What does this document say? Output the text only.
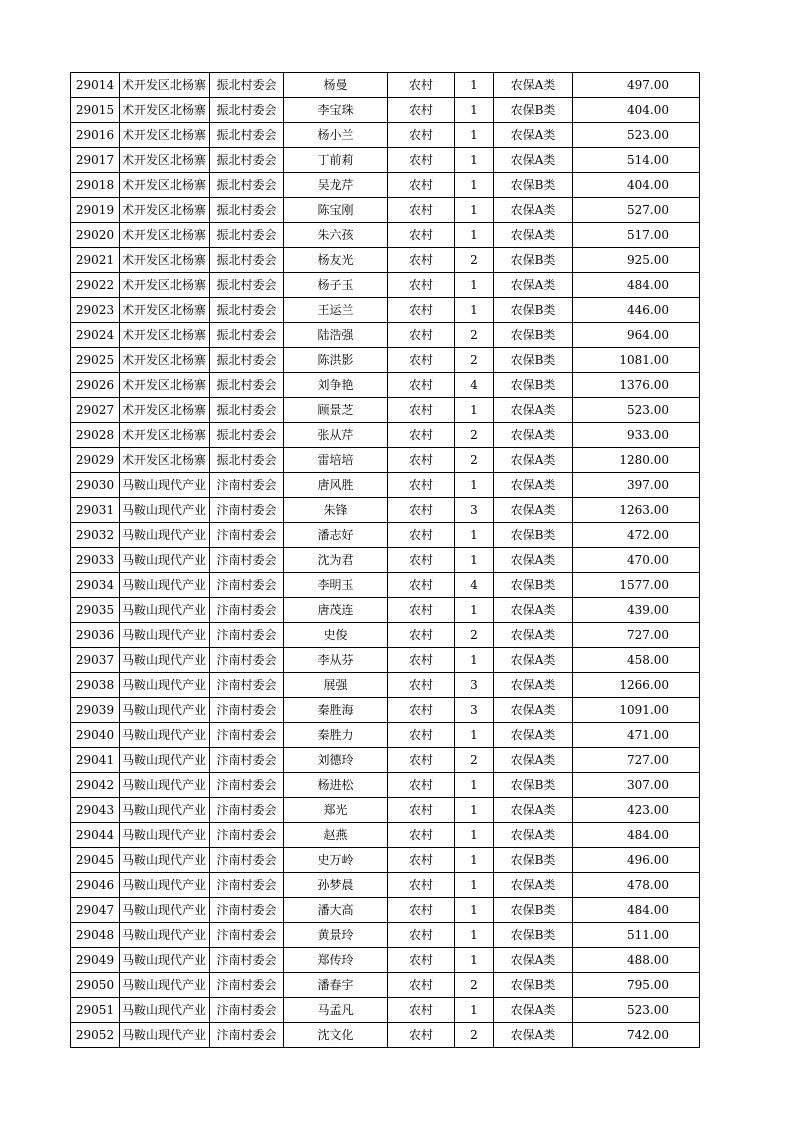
29014	术开发区北杨寨	振北村委会	杨曼	农村	1	农保A类	497.00
29015	术开发区北杨寨	振北村委会	李宝珠	农村	1	农保B类	404.00
29016	术开发区北杨寨	振北村委会	杨小兰	农村	1	农保A类	523.00
29017	术开发区北杨寨	振北村委会	丁前莉	农村	1	农保A类	514.00
29018	术开发区北杨寨	振北村委会	吴龙芹	农村	1	农保B类	404.00
29019	术开发区北杨寨	振北村委会	陈宝刚	农村	1	农保A类	527.00
29020	术开发区北杨寨	振北村委会	朱六孩	农村	1	农保A类	517.00
29021	术开发区北杨寨	振北村委会	杨友光	农村	2	农保B类	925.00
29022	术开发区北杨寨	振北村委会	杨子玉	农村	1	农保A类	484.00
29023	术开发区北杨寨	振北村委会	王运兰	农村	1	农保B类	446.00
29024	术开发区北杨寨	振北村委会	陆浩强	农村	2	农保B类	964.00
29025	术开发区北杨寨	振北村委会	陈洪影	农村	2	农保B类	1081.00
29026	术开发区北杨寨	振北村委会	刘争艳	农村	4	农保B类	1376.00
29027	术开发区北杨寨	振北村委会	顾景芝	农村	1	农保A类	523.00
29028	术开发区北杨寨	振北村委会	张从芹	农村	2	农保A类	933.00
29029	术开发区北杨寨	振北村委会	雷培培	农村	2	农保A类	1280.00
29030	马鞍山现代产业	汴南村委会	唐风胜	农村	1	农保A类	397.00
29031	马鞍山现代产业	汴南村委会	朱锋	农村	3	农保A类	1263.00
29032	马鞍山现代产业	汴南村委会	潘志好	农村	1	农保B类	472.00
29033	马鞍山现代产业	汴南村委会	沈为君	农村	1	农保A类	470.00
29034	马鞍山现代产业	汴南村委会	李明玉	农村	4	农保B类	1577.00
29035	马鞍山现代产业	汴南村委会	唐茂连	农村	1	农保A类	439.00
29036	马鞍山现代产业	汴南村委会	史俊	农村	2	农保A类	727.00
29037	马鞍山现代产业	汴南村委会	李从芬	农村	1	农保A类	458.00
29038	马鞍山现代产业	汴南村委会	展强	农村	3	农保A类	1266.00
29039	马鞍山现代产业	汴南村委会	秦胜海	农村	3	农保A类	1091.00
29040	马鞍山现代产业	汴南村委会	秦胜力	农村	1	农保A类	471.00
29041	马鞍山现代产业	汴南村委会	刘德玲	农村	2	农保A类	727.00
29042	马鞍山现代产业	汴南村委会	杨进松	农村	1	农保B类	307.00
29043	马鞍山现代产业	汴南村委会	郑光	农村	1	农保A类	423.00
29044	马鞍山现代产业	汴南村委会	赵燕	农村	1	农保A类	484.00
29045	马鞍山现代产业	汴南村委会	史万岭	农村	1	农保B类	496.00
29046	马鞍山现代产业	汴南村委会	孙梦晨	农村	1	农保A类	478.00
29047	马鞍山现代产业	汴南村委会	潘大高	农村	1	农保B类	484.00
29048	马鞍山现代产业	汴南村委会	黄景玲	农村	1	农保B类	511.00
29049	马鞍山现代产业	汴南村委会	郑传玲	农村	1	农保A类	488.00
29050	马鞍山现代产业	汴南村委会	潘春宇	农村	2	农保B类	795.00
29051	马鞍山现代产业	汴南村委会	马孟凡	农村	1	农保A类	523.00
29052	马鞍山现代产业	汴南村委会	沈文化	农村	2	农保A类	742.00
